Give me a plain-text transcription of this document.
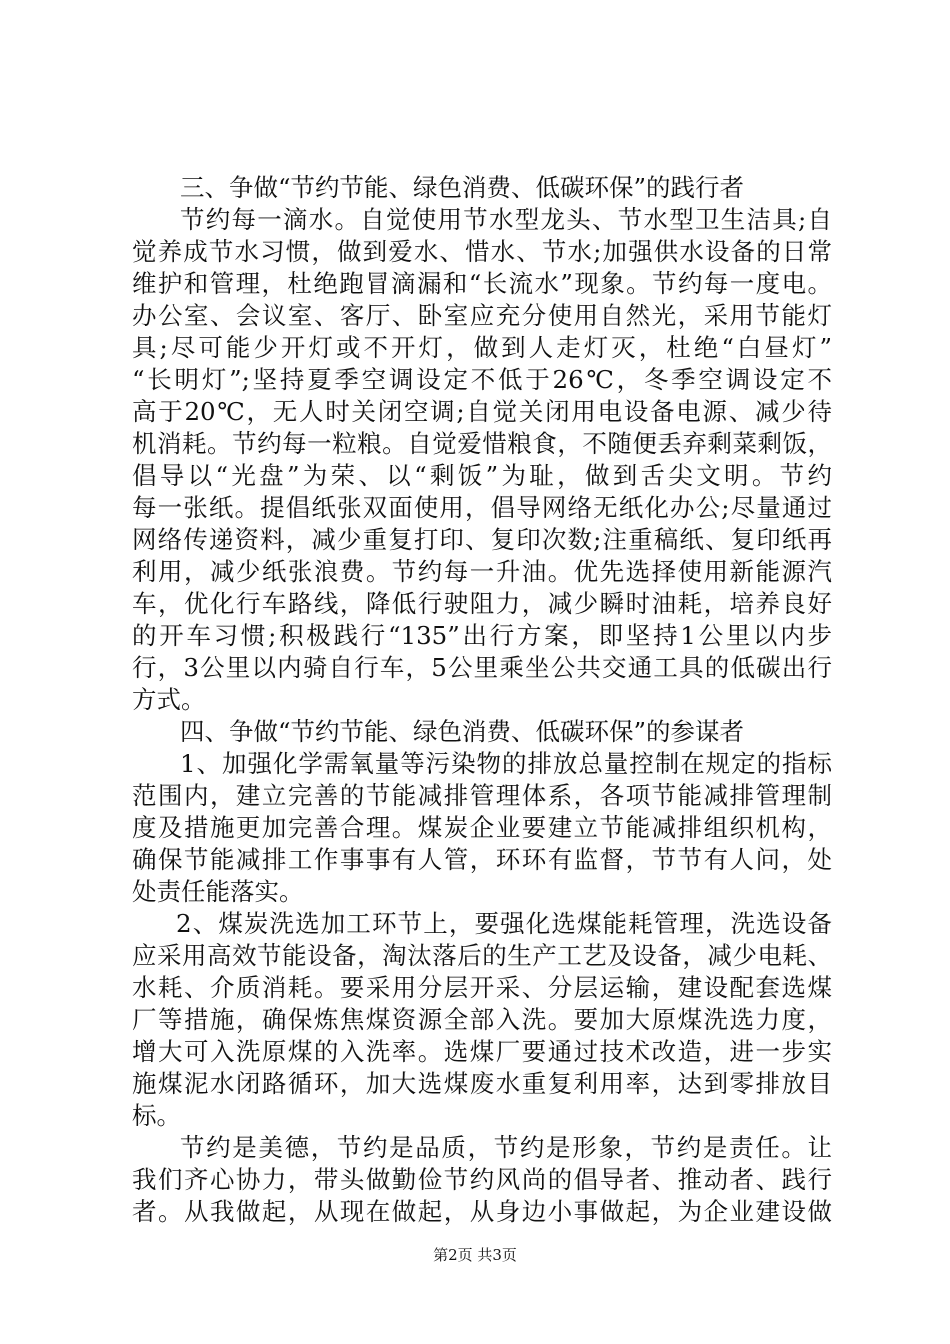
三、争做“节约节能、绿色消费、低碳环保”的践行者
节约每一滴水。自觉使用节水型龙头、节水型卫生洁具;自
觉养成节水习惯，做到爱水、惜水、节水;加强供水设备的日常
维护和管理，杜绝跑冒滴漏和“长流水”现象。节约每一度电。
办公室、会议室、客厅、卧室应充分使用自然光，采用节能灯
具;尽可能少开灯或不开灯，做到人走灯灭，杜绝“白昼灯”
“长明灯”;坚持夏季空调设定不低于26℃，冬季空调设定不
高于20℃，无人时关闭空调;自觉关闭用电设备电源、减少待
机消耗。节约每一粒粮。自觉爱惜粮食，不随便丢弃剩菜剩饭，
倡导以“光盘”为荣、以“剩饭”为耻，做到舌尖文明。节约
每一张纸。提倡纸张双面使用，倡导网络无纸化办公;尽量通过
网络传递资料，减少重复打印、复印次数;注重稿纸、复印纸再
利用，减少纸张浪费。节约每一升油。优先选择使用新能源汽
车，优化行车路线，降低行驶阻力，减少瞬时油耗，培养良好
的开车习惯;积极践行“135”出行方案，即坚持1公里以内步
行，3公里以内骑自行车，5公里乘坐公共交通工具的低碳出行
方式。
四、争做“节约节能、绿色消费、低碳环保”的参谋者
1、加强化学需氧量等污染物的排放总量控制在规定的指标
范围内，建立完善的节能减排管理体系，各项节能减排管理制
度及措施更加完善合理。煤炭企业要建立节能减排组织机构，
确保节能减排工作事事有人管，环环有监督，节节有人问，处
处责任能落实。
2、煤炭洗选加工环节上，要强化选煤能耗管理，洗选设备
应采用高效节能设备，淘汰落后的生产工艺及设备，减少电耗、
水耗、介质消耗。要采用分层开采、分层运输，建设配套选煤
厂等措施，确保炼焦煤资源全部入洗。要加大原煤洗选力度，
增大可入洗原煤的入洗率。选煤厂要通过技术改造，进一步实
施煤泥水闭路循环，加大选煤废水重复利用率，达到零排放目
标。
节约是美德，节约是品质，节约是形象，节约是责任。让
我们齐心协力，带头做勤俭节约风尚的倡导者、推动者、践行
者。从我做起，从现在做起，从身边小事做起，为企业建设做
第2页 共3页
